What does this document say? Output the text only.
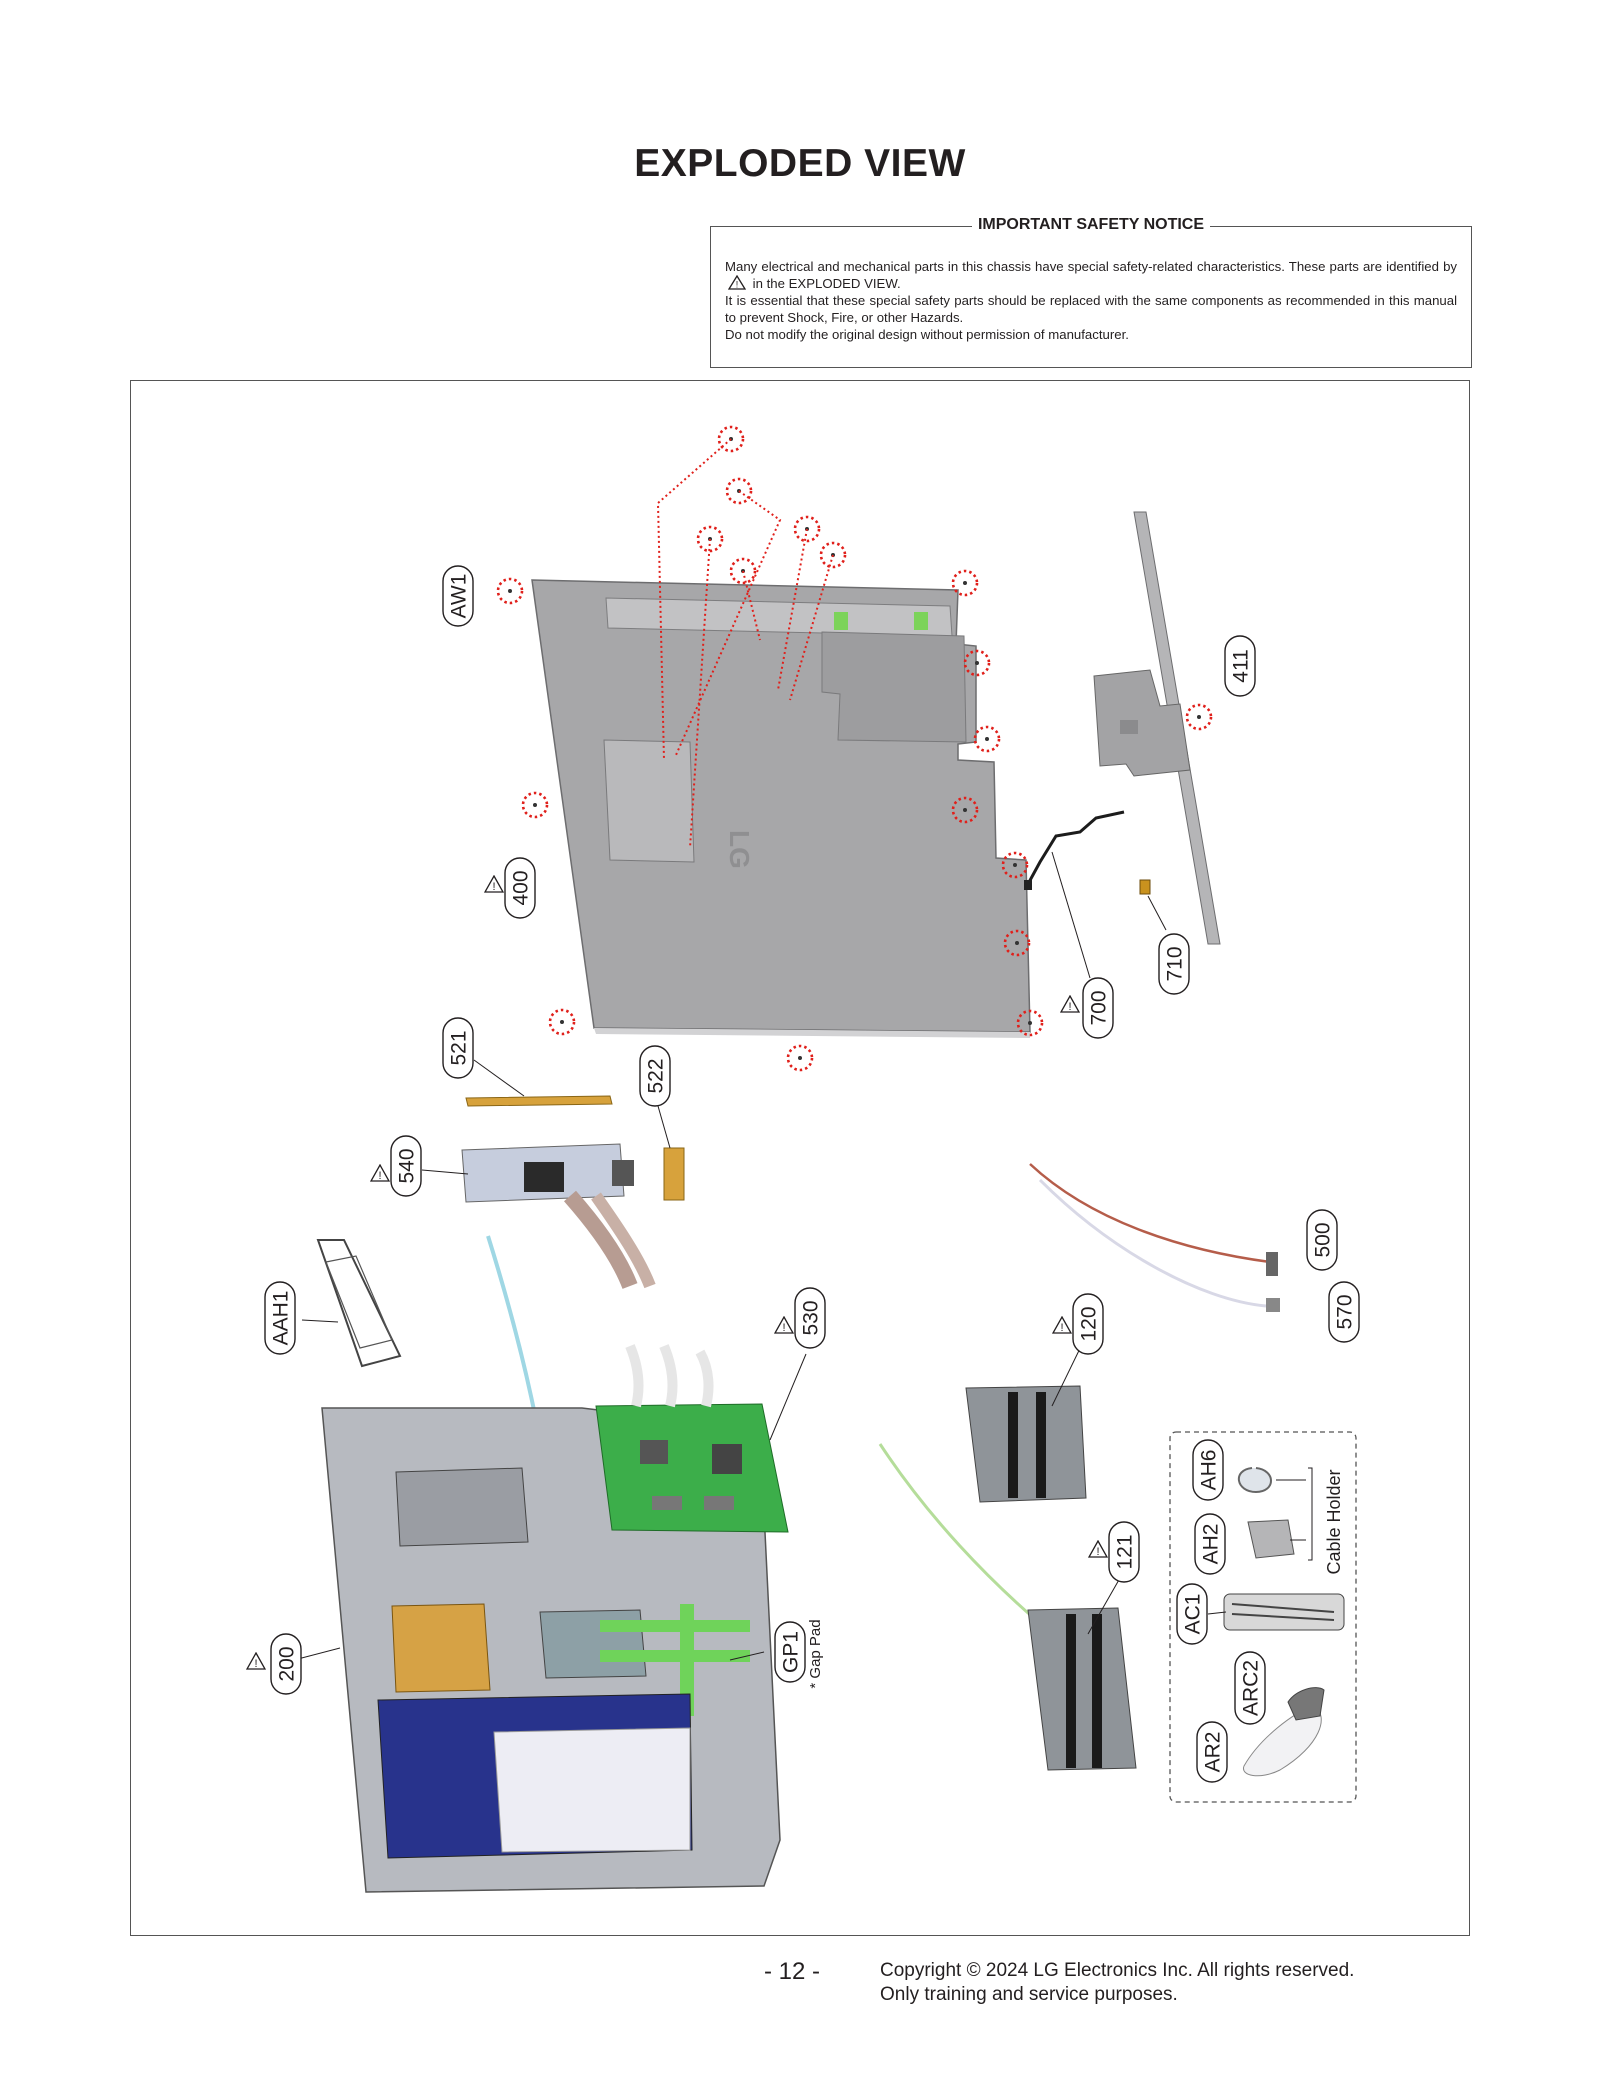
EXPLODED VIEW
IMPORTANT SAFETY NOTICE

Many electrical and mechanical parts in this chassis have special safety-related characteristics. These parts are identified by
! in the EXPLODED VIEW.

It is essential that these special safety parts should be replaced with the same components as recommended in this manual to prevent Shock, Fire, or other Hazards.

Do not modify the original design without permission of manufacturer.

LG
AW1
400
411
700
710
521
522
540
AAH1	530
500
570
120
121
200	GP1
AH6
AH2
AC1
ARC2
AR2
* Gap Pad
Cable Holder
- 12 -	Copyright © 2024 LG Electronics Inc. All rights reserved.
Only training and service purposes.
